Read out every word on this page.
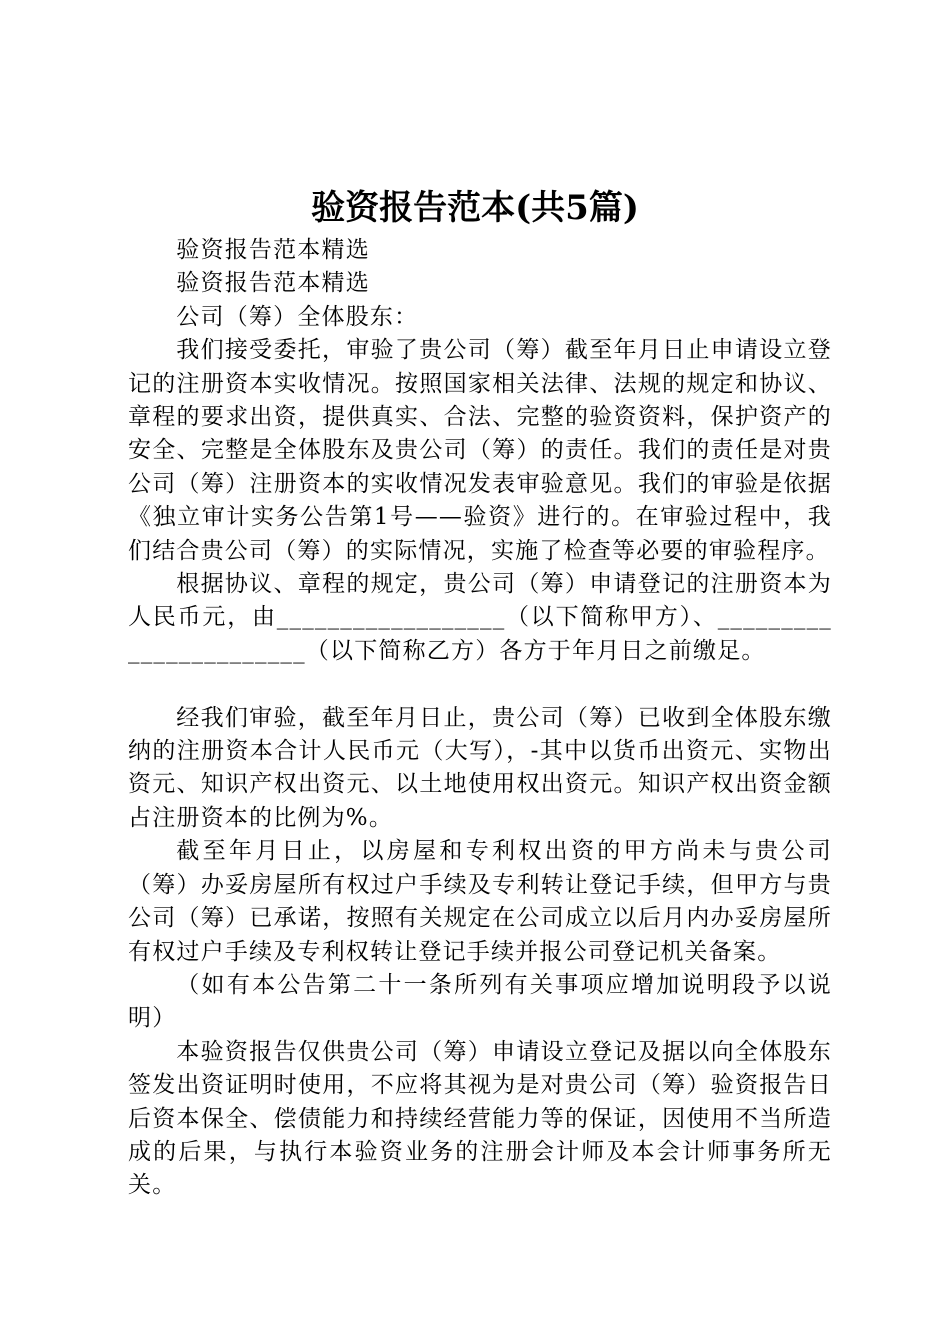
验资报告范本(共5篇)

验资报告范本精选

验资报告范本精选

公司（筹）全体股东：

我们接受委托，审验了贵公司（筹）截至年月日止申请设立登记的注册资本实收情况。按照国家相关法律、法规的规定和协议、章程的要求出资，提供真实、合法、完整的验资资料，保护资产的安全、完整是全体股东及贵公司（筹）的责任。我们的责任是对贵公司（筹）注册资本的实收情况发表审验意见。我们的审验是依据《独立审计实务公告第1号——验资》进行的。在审验过程中，我们结合贵公司（筹）的实际情况，实施了检查等必要的审验程序。

根据协议、章程的规定，贵公司（筹）申请登记的注册资本为人民币元，由__________________（以下简称甲方）、_______________________（以下简称乙方）各方于年月日之前缴足。

经我们审验，截至年月日止，贵公司（筹）已收到全体股东缴纳的注册资本合计人民币元（大写），-其中以货币出资元、实物出资元、知识产权出资元、以土地使用权出资元。知识产权出资金额占注册资本的比例为%。

截至年月日止，以房屋和专利权出资的甲方尚未与贵公司（筹）办妥房屋所有权过户手续及专利转让登记手续，但甲方与贵公司（筹）已承诺，按照有关规定在公司成立以后月内办妥房屋所有权过户手续及专利权转让登记手续并报公司登记机关备案。

（如有本公告第二十一条所列有关事项应增加说明段予以说明）

本验资报告仅供贵公司（筹）申请设立登记及据以向全体股东签发出资证明时使用，不应将其视为是对贵公司（筹）验资报告日后资本保全、偿债能力和持续经营能力等的保证，因使用不当所造成的后果，与执行本验资业务的注册会计师及本会计师事务所无关。
